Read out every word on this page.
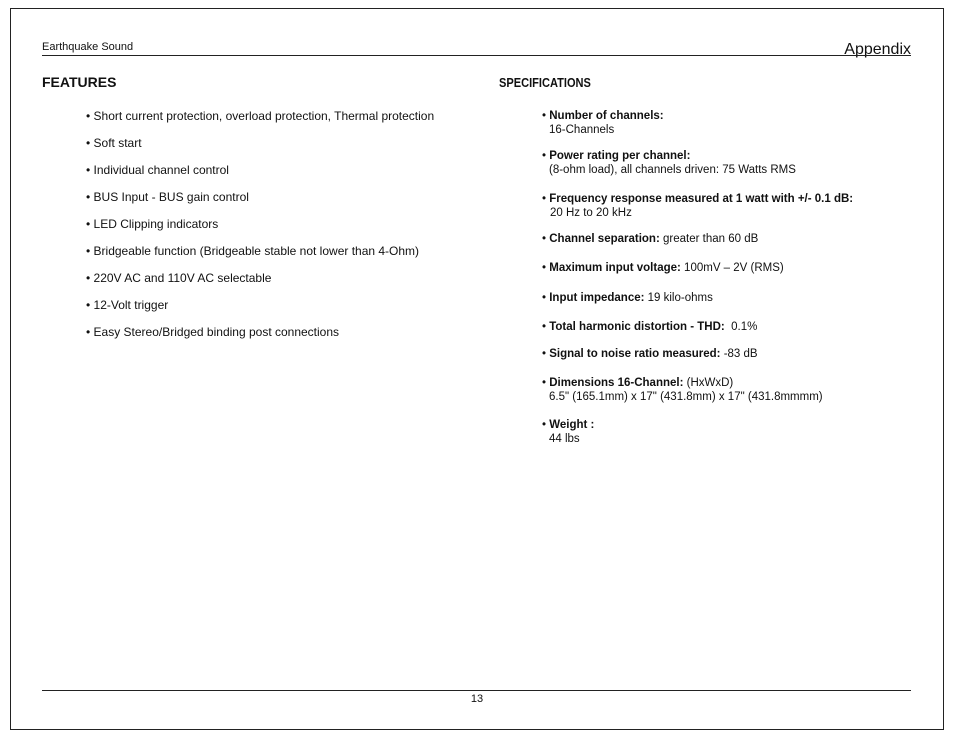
Earthquake Sound	Appendix
FEATURES
• Short current protection, overload protection, Thermal protection
• Soft start
• Individual channel control
• BUS Input - BUS gain control
• LED Clipping indicators
• Bridgeable function (Bridgeable stable not lower than 4-Ohm)
• 220V AC and 110V AC selectable
• 12-Volt trigger
• Easy Stereo/Bridged binding post connections
SPECIFICATIONS
• Number of channels:
16-Channels
• Power rating per channel:
(8-ohm load), all channels driven: 75 Watts RMS
• Frequency response measured at 1 watt with +/- 0.1 dB:
20 Hz to 20 kHz
• Channel separation: greater than 60 dB
• Maximum input voltage: 100mV – 2V (RMS)
• Input impedance: 19 kilo-ohms
• Total harmonic distortion - THD:  0.1%
• Signal to noise ratio measured: -83 dB
• Dimensions 16-Channel: (HxWxD)
6.5" (165.1mm) x 17" (431.8mm) x 17" (431.8mmmm)
• Weight :
44 lbs
13
